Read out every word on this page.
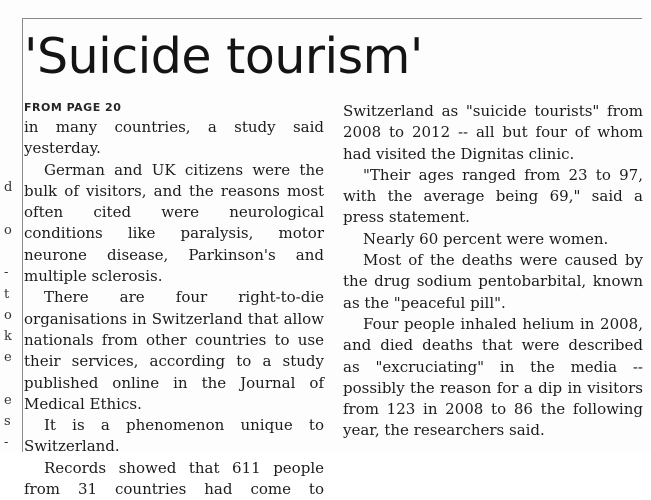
d
o
-
t
o
k
e
e
s
-
'Suicide tourism'
FROM PAGE 20

in many countries, a study said yesterday.

German and UK citizens were the bulk of visitors, and the reasons most often cited were neurological conditions like paralysis, motor neurone disease, Parkinson's and multiple sclerosis.

There are four right-to-die organisations in Switzerland that allow nationals from other countries to use their services, according to a study published online in the Journal of Medical Ethics.

It is a phenomenon unique to Switzerland.

Records showed that 611 people from 31 countries had come to

Switzerland as "suicide tourists" from 2008 to 2012 -- all but four of whom had visited the Dignitas clinic.

"Their ages ranged from 23 to 97, with the average being 69," said a press statement.

Nearly 60 percent were women.

Most of the deaths were caused by the drug sodium pentobarbital, known as the "peaceful pill".

Four people inhaled helium in 2008, and died deaths that were described as "excruciating" in the media -- possibly the reason for a dip in visitors from 123 in 2008 to 86 the following year, the researchers said.
